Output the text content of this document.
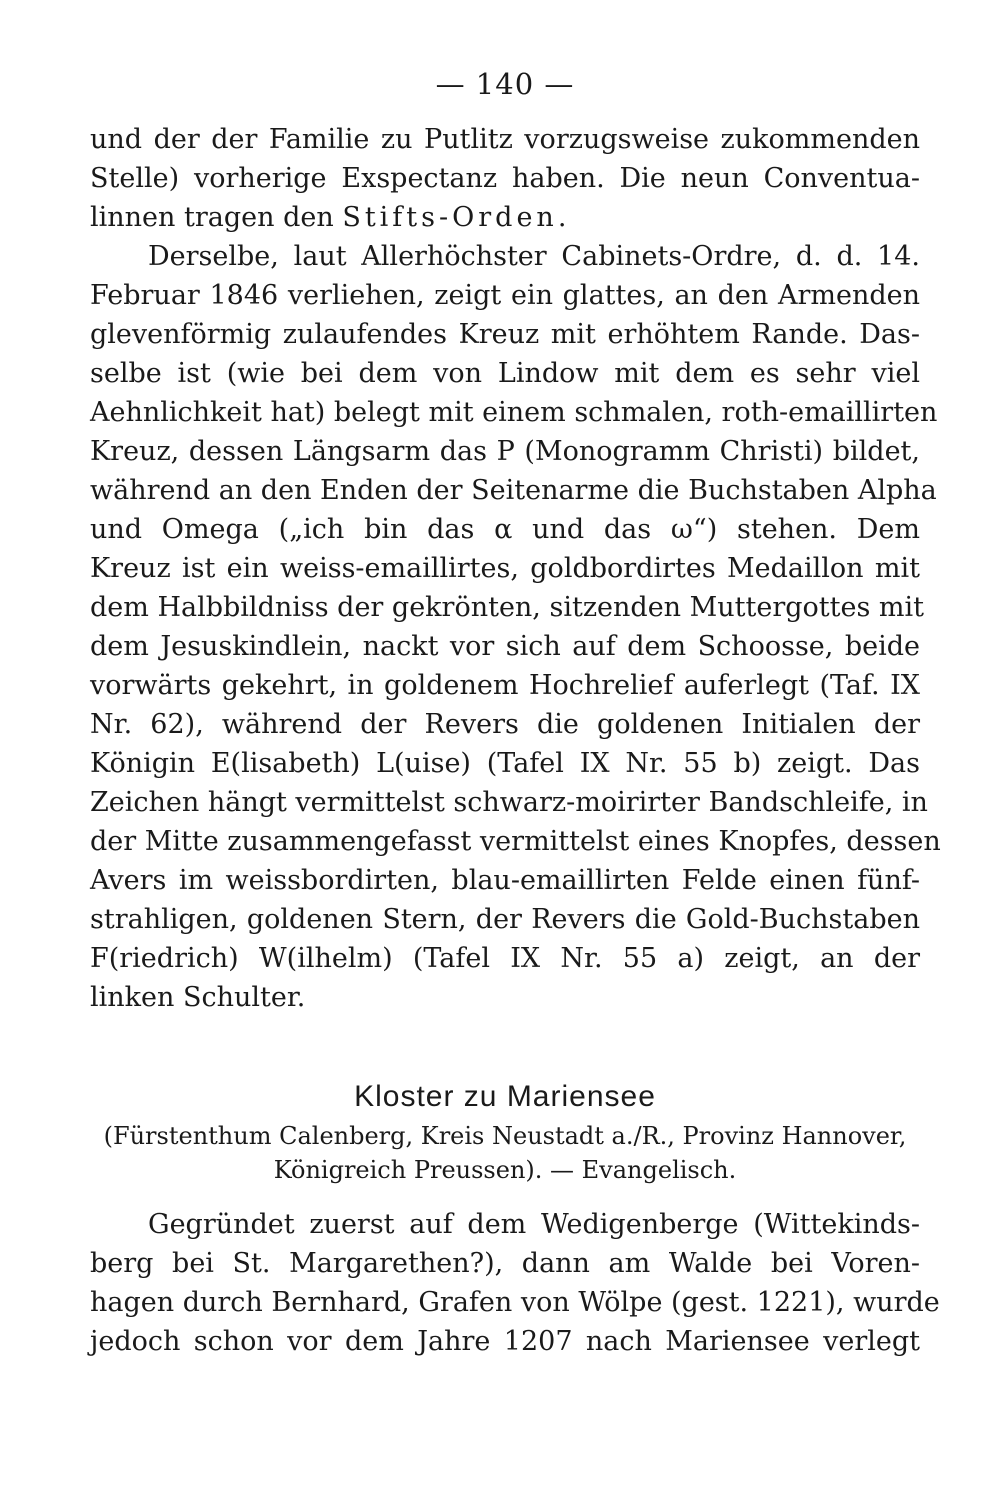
— 140 —
und der der Familie zu Putlitz vorzugsweise zukommenden
Stelle) vorherige Exspectanz haben. Die neun Conventua-
linnen tragen den Stifts-Orden.
Derselbe, laut Allerhöchster Cabinets-Ordre, d. d. 14.
Februar 1846 verliehen, zeigt ein glattes, an den Armenden
glevenförmig zulaufendes Kreuz mit erhöhtem Rande. Das-
selbe ist (wie bei dem von Lindow mit dem es sehr viel
Aehnlichkeit hat) belegt mit einem schmalen, roth-emaillirten
Kreuz, dessen Längsarm das P (Monogramm Christi) bildet,
während an den Enden der Seitenarme die Buchstaben Alpha
und Omega („ich bin das α und das ω“) stehen. Dem
Kreuz ist ein weiss-emaillirtes, goldbordirtes Medaillon mit
dem Halbbildniss der gekrönten, sitzenden Muttergottes mit
dem Jesuskindlein, nackt vor sich auf dem Schoosse, beide
vorwärts gekehrt, in goldenem Hochrelief auferlegt (Taf. IX
Nr. 62), während der Revers die goldenen Initialen der
Königin E(lisabeth) L(uise) (Tafel IX Nr. 55 b) zeigt. Das
Zeichen hängt vermittelst schwarz-moirirter Bandschleife, in
der Mitte zusammengefasst vermittelst eines Knopfes, dessen
Avers im weissbordirten, blau-emaillirten Felde einen fünf-
strahligen, goldenen Stern, der Revers die Gold-Buchstaben
F(riedrich) W(ilhelm) (Tafel IX Nr. 55 a) zeigt, an der
linken Schulter.
Kloster zu Mariensee
(Fürstenthum Calenberg, Kreis Neustadt a./R., Provinz Hannover,
Königreich Preussen). — Evangelisch.
Gegründet zuerst auf dem Wedigenberge (Wittekinds-
berg bei St. Margarethen?), dann am Walde bei Voren-
hagen durch Bernhard, Grafen von Wölpe (gest. 1221), wurde
jedoch schon vor dem Jahre 1207 nach Mariensee verlegt
